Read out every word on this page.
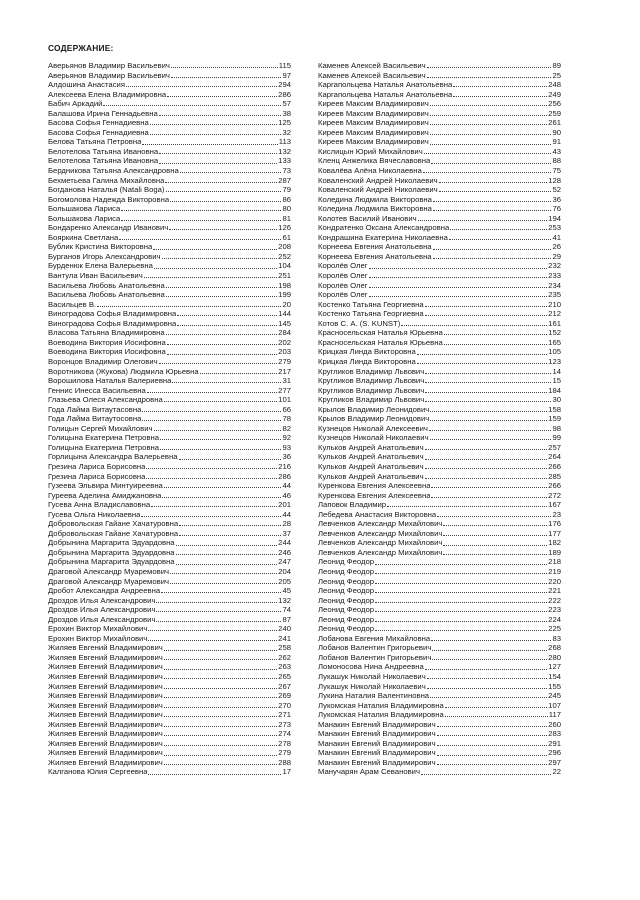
СОДЕРЖАНИЕ:
Аверьянов Владимир Васильевич	115
Аверьянов Владимир Васильевич	97
Алдошина Анастасия	294
Алексеева Елена Владимировна	286
Бабич Аркадий	57
Балашова Ирина Геннадьевна	38
Басова Софья Геннадиевна	125
Басова Софья Геннадиевна	32
Белова Татьяна Петровна	113
Белотелова Татьяна Ивановна	132
Белотелова Татьяна Ивановна	133
Бердникова Татьяна Александровна	73
Бехметьева Галина Михайловна	287
Богданова Наталья (Natali Boga)	79
Богомолова Надежда Викторовна	86
Большакова Лариса	80
Большакова Лариса	81
Бондаренко Александр Иванович	126
Бояркина Светлана	61
Бублик Кристина Викторовна	208
Бурганов Игорь Александрович	252
Бурденюк Елена Валерьевна	104
Вантула Иван Васильевич	251
Васильева Любовь Анатольевна	198
Васильева Любовь Анатольевна	199
Васильцев В.	20
Виноградова Софья Владимировна	144
Виноградова Софья Владимировна	145
Власова Татьяна Владимировна	284
Воеводина Виктория Иосифовна	202
Воеводина Виктория Иосифовна	203
Воронцов Владимир Олегович	279
Воротникова (Жукова) Людмила Юрьевна	217
Ворошилова Наталья Валериевна	31
Геннис Инесса Васильевна	277
Глазьева Олеся Александровна	101
Года Лайма Витаутасовна	66
Года Лайма Витаутосовна	78
Голицын Сергей Михайлович	82
Голицына Екатерина Петровна	92
Голицына Екатерина Петровна	93
Горлицына Александра Валерьевна	36
Грезина Лариса Борисовна	216
Грезина Лариса Борисовна	286
Гузеева Эльвира Минтуиреевна	44
Гуреева Аделина Амиджановна	46
Гусева Анна Владиславовна	201
Гусева Ольга Николаевна	44
Добровольская Гайане Хачатуровна	28
Добровольская Гайане Хачатуровна	37
Добрынина Маргарита Эдуардовна	244
Добрынина Маргарита Эдуардовна	246
Добрынина Маргарита Эдуардовна	247
Драговой Александр Муаремович	204
Драговой Александр Муаремович	205
Дробот Александра Андреевна	45
Дроздов Илья Александрович	132
Дроздов Илья Александрович	74
Дроздов Илья Александрович	87
Ерохин Виктор Михайлович	240
Ерохин Виктор Михайлович	241
Жиляев Евгений Владимирович	258
Жиляев Евгений Владимирович	262
Жиляев Евгений Владимирович	263
Жиляев Евгений Владимирович	265
Жиляев Евгений Владимирович	267
Жиляев Евгений Владимирович	269
Жиляев Евгений Владимирович	270
Жиляев Евгений Владимирович	271
Жиляев Евгений Владимирович	273
Жиляев Евгений Владимирович	274
Жиляев Евгений Владимирович	278
Жиляев Евгений Владимирович	279
Жиляев Евгений Владимирович	288
Калганова Юлия Сергеевна	17
Каменев Алексей Васильевич	89
Каменев Алексей Васильевич	25
Каргапольцева Наталья Анатольевна	248
Каргапольцева Наталья Анатольевна	249
Киреев Максим Владимирович	256
Киреев Максим Владимирович	259
Киреев Максим Владимирович	261
Киреев Максим Владимирович	90
Киреев Максим Владимирович	91
Кислицын Юрий Михайлович	43
Кленц Анжелика Вячеславовна	88
Ковалёва Алёна Николаевна	75
Коваленский Андрей Николаевич	128
Коваленский Андрей Николаевич	52
Коледина Людмила Викторовна	36
Коледина Людмила Викторовна	76
Колотев Василий Иванович	194
Кондратенко Оксана Александровна	253
Кондрашина Екатерина Николаевна	41
Корнеева Евгения Анатольевна	26
Корнеева Евгения Анатольевна	29
Королёв Олег	232
Королёв Олег	233
Королёв Олег	234
Королёв Олег	235
Костенко Татьяна Георгиевна	210
Костенко Татьяна Георгиевна	212
Котов С. А. (S. KUNST)	161
Красносельская Наталья Юрьевна	152
Красносельская Наталья Юрьевна	165
Крицкая Линда Викторовна	105
Крицкая Линда Викторовна	123
Кругликов Владимир Львович	14
Кругликов Владимир Львович	15
Кругликов Владимир Львович	184
Кругликов Владимир Львович	30
Крылов Владимир Леонидович	158
Крылов Владимир Леонидович	159
Кузнецов Николай Алексеевич	98
Кузнецов Николай Николаевич	99
Кульков Андрей Анатольевич	257
Кульков Андрей Анатольевич	264
Кульков Андрей Анатольевич	266
Кульков Андрей Анатольевич	285
Куренкова Евгения Алексеевна	266
Куренкова Евгения Алексеевна	272
Лаповок Владимир	167
Лебедева Анастасия Викторовна	23
Левченков Александр Михайлович	176
Левченков Александр Михайлович	177
Левченков Александр Михайлович	182
Левченков Александр Михайлович	189
Леонид Феодор	218
Леонид Феодор	219
Леонид Феодор	220
Леонид Феодор	221
Леонид Феодор	222
Леонид Феодор	223
Леонид Феодор	224
Леонид Феодор	225
Лобанова Евгения Михайловна	83
Лобанов Валентин Григорьевич	268
Лобанов Валентин Григорьевич	280
Ломоносова Нина Андреевна	127
Лукашук Николай Николаевич	154
Лукашук Николай Николаевич	155
Лукина Наталия Валентиновна	245
Лукомская Наталия Владимировна	107
Лукомская Наталия Владимировна	117
Манакин Евгений Владимирович	260
Манакин Евгений Владимирович	283
Манакин Евгений Владимирович	291
Манакин Евгений Владимирович	296
Манакин Евгений Владимирович	297
Манучарян Арам Севанович	22
